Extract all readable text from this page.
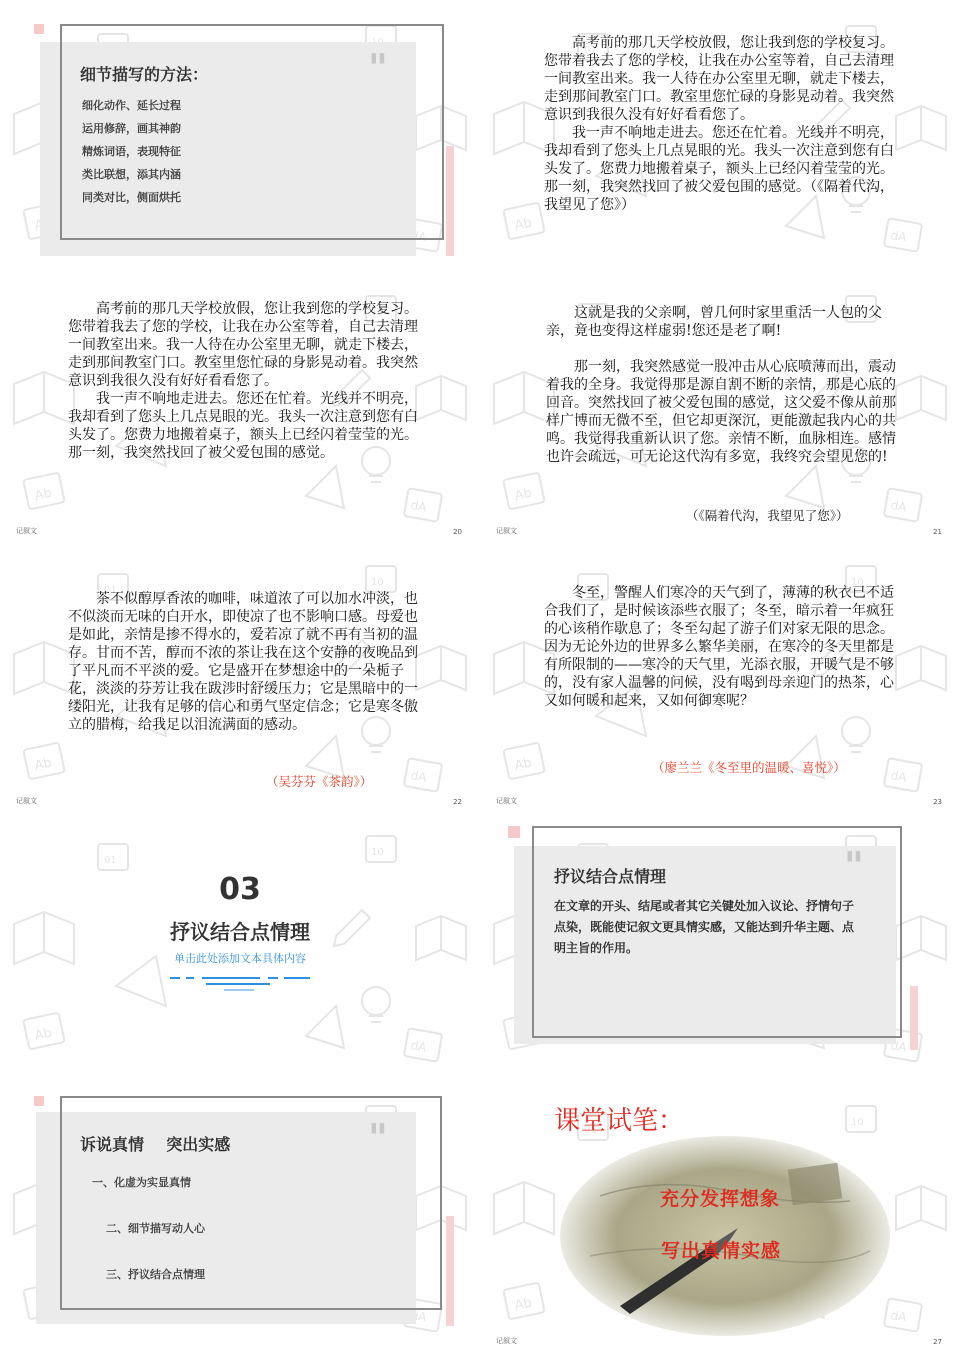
"
细节描写的方法：
细化动作、延长过程
运用修辞，画其神韵
精炼词语，表现特征
类比联想，添其内涵
同类对比，侧面烘托

高考前的那几天学校放假，您让我到您的学校复习。您带着我去了您的学校，让我在办公室等着，自己去清理一间教室出来。我一人待在办公室里无聊，就走下楼去，走到那间教室门口。教室里您忙碌的身影晃动着。我突然意识到我很久没有好好看看您了。

我一声不响地走进去。您还在忙着。光线并不明亮，我却看到了您头上几点晃眼的光。我头一次注意到您有白头发了。您费力地搬着桌子，额头上已经闪着莹莹的光。那一刻，我突然找回了被父爱包围的感觉。（《隔着代沟，我望见了您》）

高考前的那几天学校放假，您让我到您的学校复习。您带着我去了您的学校，让我在办公室等着，自己去清理一间教室出来。我一人待在办公室里无聊，就走下楼去，走到那间教室门口。教室里您忙碌的身影晃动着。我突然意识到我很久没有好好看看您了。

我一声不响地走进去。您还在忙着。光线并不明亮，我却看到了您头上几点晃眼的光。我头一次注意到您有白头发了。您费力地搬着桌子，额头上已经闪着莹莹的光。那一刻，我突然找回了被父爱包围的感觉。

记叙文	20

这就是我的父亲啊，曾几何时家里重活一人包的父亲，竟也变得这样虚弱!您还是老了啊!

那一刻，我突然感觉一股冲击从心底喷薄而出，震动着我的全身。我觉得那是源自割不断的亲情，那是心底的回音。突然找回了被父爱包围的感觉，这父爱不像从前那样广博而无微不至，但它却更深沉，更能激起我内心的共鸣。我觉得我重新认识了您。亲情不断，血脉相连。感情也许会疏远，可无论这代沟有多宽，我终究会望见您的!

（《隔着代沟，我望见了您》）
记叙文	21

茶不似醇厚香浓的咖啡，味道浓了可以加水冲淡，也不似淡而无味的白开水，即使凉了也不影响口感。母爱也是如此，亲情是掺不得水的，爱若凉了就不再有当初的温存。甘而不苦，醇而不浓的茶让我在这个安静的夜晚品到了平凡而不平淡的爱。它是盛开在梦想途中的一朵栀子花，淡淡的芬芳让我在跋涉时舒缓压力；它是黑暗中的一缕阳光，让我有足够的信心和勇气坚定信念；它是寒冬傲立的腊梅，给我足以泪流满面的感动。

（吴芬芬《茶韵》）
记叙文	22

冬至，警醒人们寒冷的天气到了，薄薄的秋衣已不适合我们了，是时候该添些衣服了；冬至，暗示着一年疯狂的心该稍作歇息了；冬至勾起了游子们对家无限的思念。因为无论外边的世界多么繁华美丽，在寒冷的冬天里都是有所限制的——寒冷的天气里，光添衣服，开暖气是不够的，没有家人温馨的问候，没有喝到母亲迎门的热茶，心又如何暖和起来，又如何御寒呢？

（廖兰兰《冬至里的温暖、喜悦》）
记叙文	23
03
抒议结合点情理
单击此处添加文本具体内容
"
抒议结合点情理
在文章的开头、结尾或者其它关键处加入议论、抒情句子点染，既能使记叙文更具情实感，又能达到升华主题、点明主旨的作用。
"
诉说真情    突出实感
一、化虚为实显真情
二、细节描写动人心
三、抒议结合点情理
课堂试笔：
充分发挥想象
写出真情实感
记叙文	27
